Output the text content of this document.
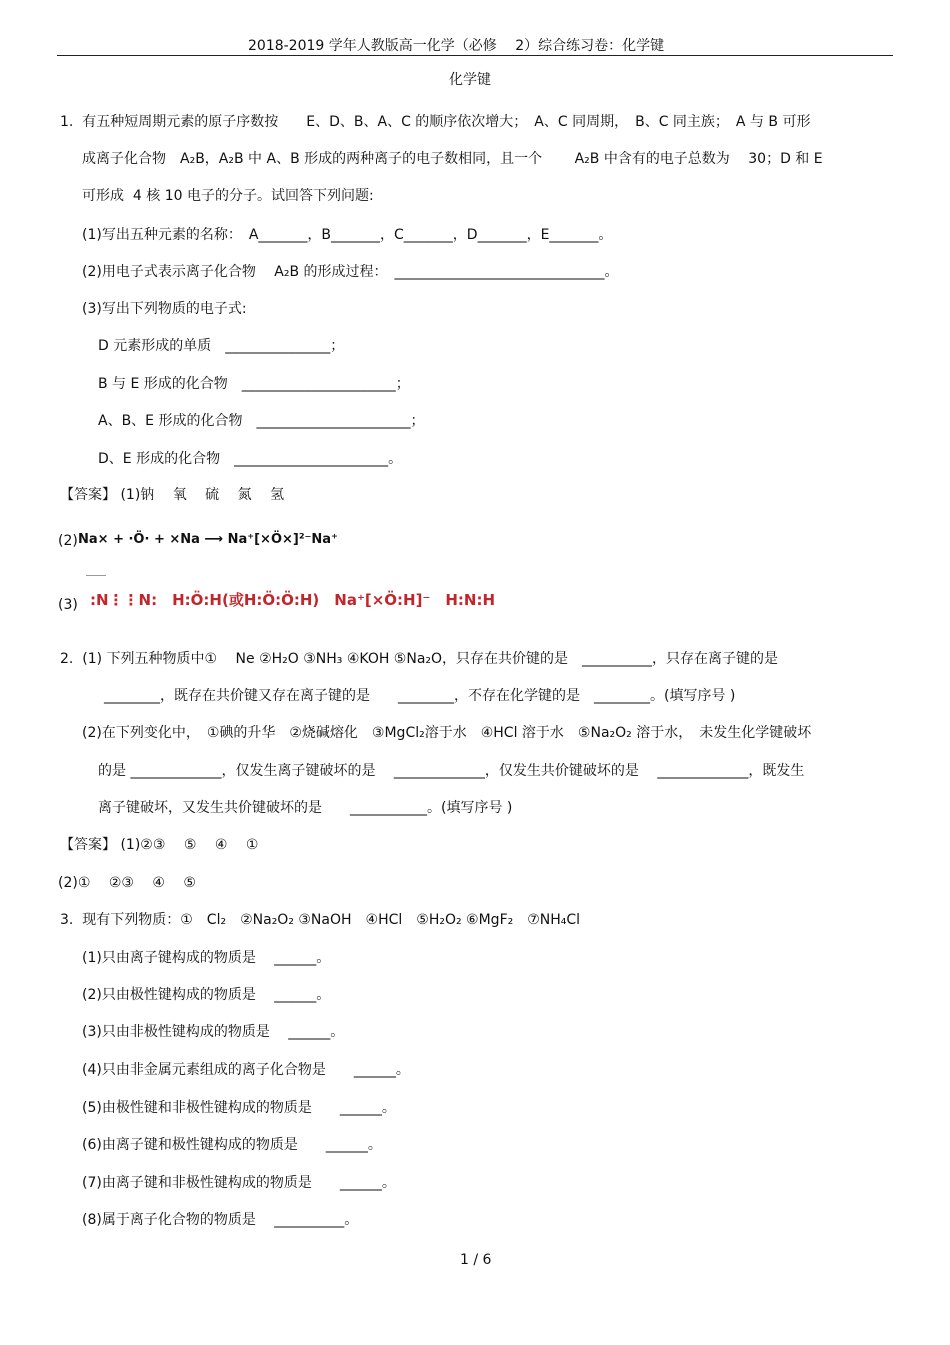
2018-2019 学年人教版高一化学（必修　 2）综合练习卷：化学键
化学键
1.  有五种短周期元素的原子序数按　　E、D、B、A、C 的顺序依次增大；　A、C 同周期，　B、C 同主族；　A 与 B 可形
成离子化合物　A₂B，A₂B 中 A、B 形成的两种离子的电子数相同，且一个　　 A₂B 中含有的电子总数为　 30；D 和 E
可形成  4 核 10 电子的分子。试回答下列问题:
(1)写出五种元素的名称：　A_______，B_______，C_______，D_______，E_______。
(2)用电子式表示离子化合物　 A₂B 的形成过程：　______________________________。
(3)写出下列物质的电子式:
D 元素形成的单质　_______________；
B 与 E 形成的化合物　______________________；
A、B、E 形成的化合物　______________________；
D、E 形成的化合物　______________________。
【答案】 (1)钠　 氧　 硫　 氮　 氢
(2) Na× + ·Ö· + ×Na ⟶ Na⁺[×Ö×]²⁻Na⁺
(3) :N⋮⋮N:　H:Ö:H(或H:Ö:Ö:H)　Na⁺[×Ö:H]⁻　H:N:H
2.  (1) 下列五种物质中①　 Ne ②H₂O ③NH₃ ④KOH ⑤Na₂O，只存在共价键的是　__________，只存在离子键的是
________，既存在共价键又存在离子键的是　　________，不存在化学键的是　________。(填写序号 )
(2)在下列变化中，　①碘的升华　②烧碱熔化　③MgCl₂溶于水　④HCl 溶于水　⑤Na₂O₂ 溶于水，　未发生化学键破坏
的是 _____________，仅发生离子键破坏的是　 _____________，仅发生共价键破坏的是　 _____________，既发生
离子键破坏，又发生共价键破坏的是　　___________。(填写序号 )
【答案】 (1)②③　 ⑤　 ④　 ①
(2)①　 ②③　 ④　 ⑤
3.  现有下列物质：①　Cl₂　②Na₂O₂ ③NaOH　④HCl　⑤H₂O₂ ⑥MgF₂　⑦NH₄Cl
(1)只由离子键构成的物质是　 ______。
(2)只由极性键构成的物质是　 ______。
(3)只由非极性键构成的物质是　 ______。
(4)只由非金属元素组成的离子化合物是　　______。
(5)由极性键和非极性键构成的物质是　　______。
(6)由离子键和极性键构成的物质是　　______。
(7)由离子键和非极性键构成的物质是　　______。
(8)属于离子化合物的物质是　 __________。
1 / 6
